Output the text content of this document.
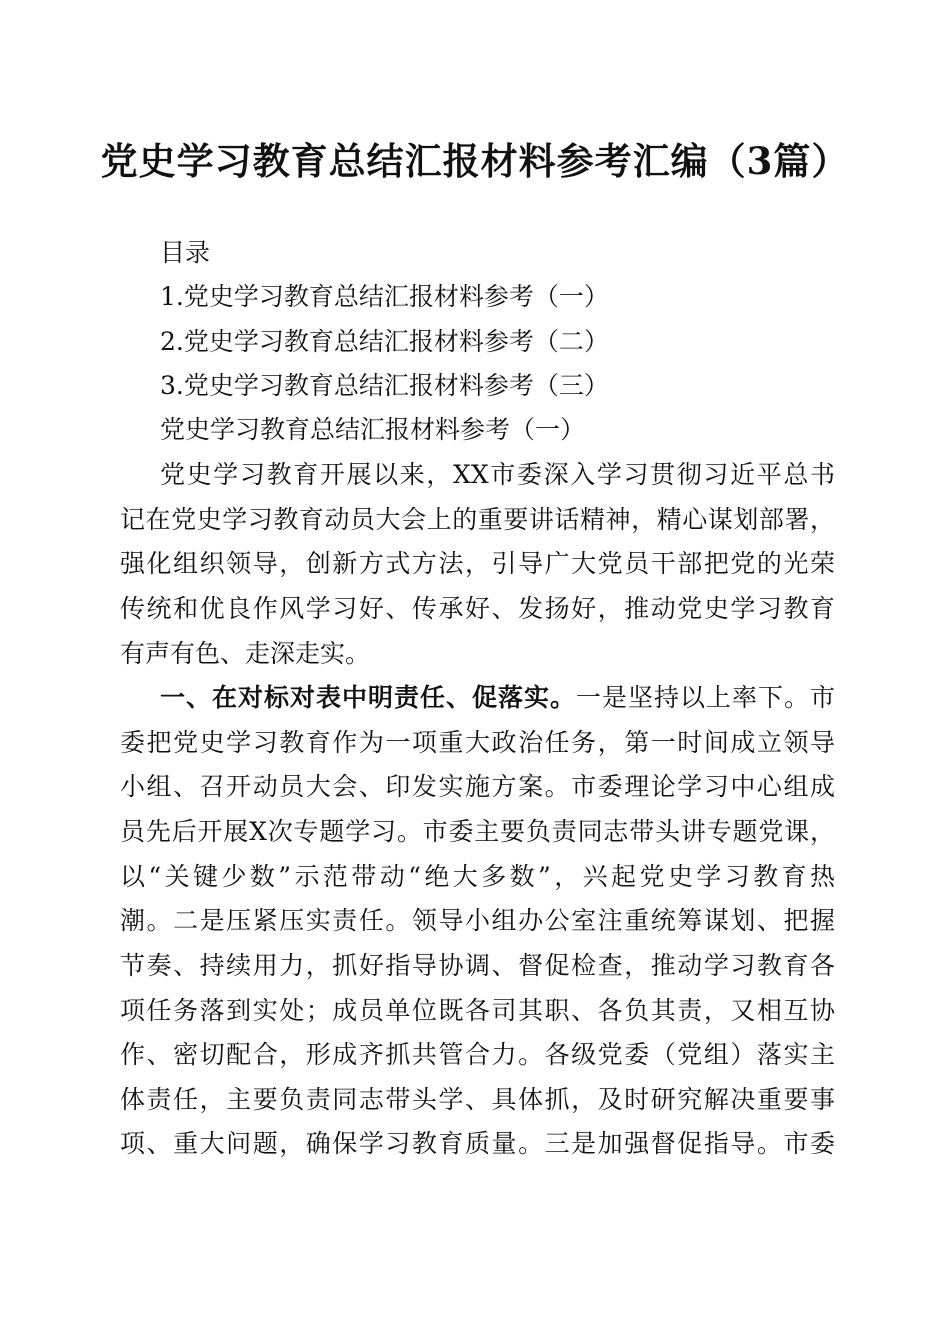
党史学习教育总结汇报材料参考汇编（3篇）
目录
1.党史学习教育总结汇报材料参考（一）
2.党史学习教育总结汇报材料参考（二）
3.党史学习教育总结汇报材料参考（三）
党史学习教育总结汇报材料参考（一）
党史学习教育开展以来，XX市委深入学习贯彻习近平总书
记在党史学习教育动员大会上的重要讲话精神，精心谋划部署，
强化组织领导，创新方式方法，引导广大党员干部把党的光荣
传统和优良作风学习好、传承好、发扬好，推动党史学习教育
有声有色、走深走实。
一、在对标对表中明责任、促落实。一是坚持以上率下。市
委把党史学习教育作为一项重大政治任务，第一时间成立领导
小组、召开动员大会、印发实施方案。市委理论学习中心组成
员先后开展X次专题学习。市委主要负责同志带头讲专题党课，
以“关键少数”示范带动“绝大多数”，兴起党史学习教育热
潮。二是压紧压实责任。领导小组办公室注重统筹谋划、把握
节奏、持续用力，抓好指导协调、督促检查，推动学习教育各
项任务落到实处；成员单位既各司其职、各负其责，又相互协
作、密切配合，形成齐抓共管合力。各级党委（党组）落实主
体责任，主要负责同志带头学、具体抓，及时研究解决重要事
项、重大问题，确保学习教育质量。三是加强督促指导。市委
